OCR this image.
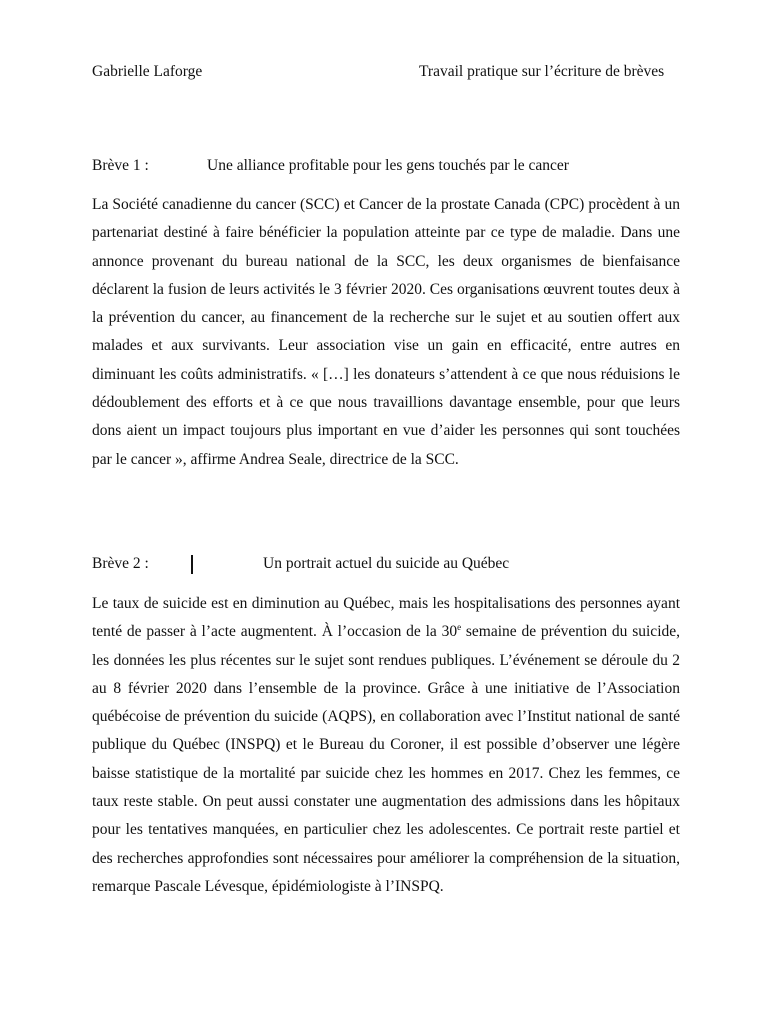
Gabrielle Laforge	Travail pratique sur l’écriture de brèves
Brève 1 :	Une alliance profitable pour les gens touchés par le cancer

La Société canadienne du cancer (SCC) et Cancer de la prostate Canada (CPC) procèdent à un partenariat destiné à faire bénéficier la population atteinte par ce type de maladie. Dans une annonce provenant du bureau national de la SCC, les deux organismes de bienfaisance déclarent la fusion de leurs activités le 3 février 2020. Ces organisations œuvrent toutes deux à la prévention du cancer, au financement de la recherche sur le sujet et au soutien offert aux malades et aux survivants. Leur association vise un gain en efficacité, entre autres en diminuant les coûts administratifs. « […] les donateurs s’attendent à ce que nous réduisions le dédoublement des efforts et à ce que nous travaillions davantage ensemble, pour que leurs dons aient un impact toujours plus important en vue d’aider les personnes qui sont touchées par le cancer », affirme Andrea Seale, directrice de la SCC.

Brève 2 :	Un portrait actuel du suicide au Québec

Le taux de suicide est en diminution au Québec, mais les hospitalisations des personnes ayant tenté de passer à l’acte augmentent. À l’occasion de la 30e semaine de prévention du suicide, les données les plus récentes sur le sujet sont rendues publiques. L’événement se déroule du 2 au 8 février 2020 dans l’ensemble de la province. Grâce à une initiative de l’Association québécoise de prévention du suicide (AQPS), en collaboration avec l’Institut national de santé publique du Québec (INSPQ) et le Bureau du Coroner, il est possible d’observer une légère baisse statistique de la mortalité par suicide chez les hommes en 2017. Chez les femmes, ce taux reste stable. On peut aussi constater une augmentation des admissions dans les hôpitaux pour les tentatives manquées, en particulier chez les adolescentes. Ce portrait reste partiel et des recherches approfondies sont nécessaires pour améliorer la compréhension de la situation, remarque Pascale Lévesque, épidémiologiste à l’INSPQ.
